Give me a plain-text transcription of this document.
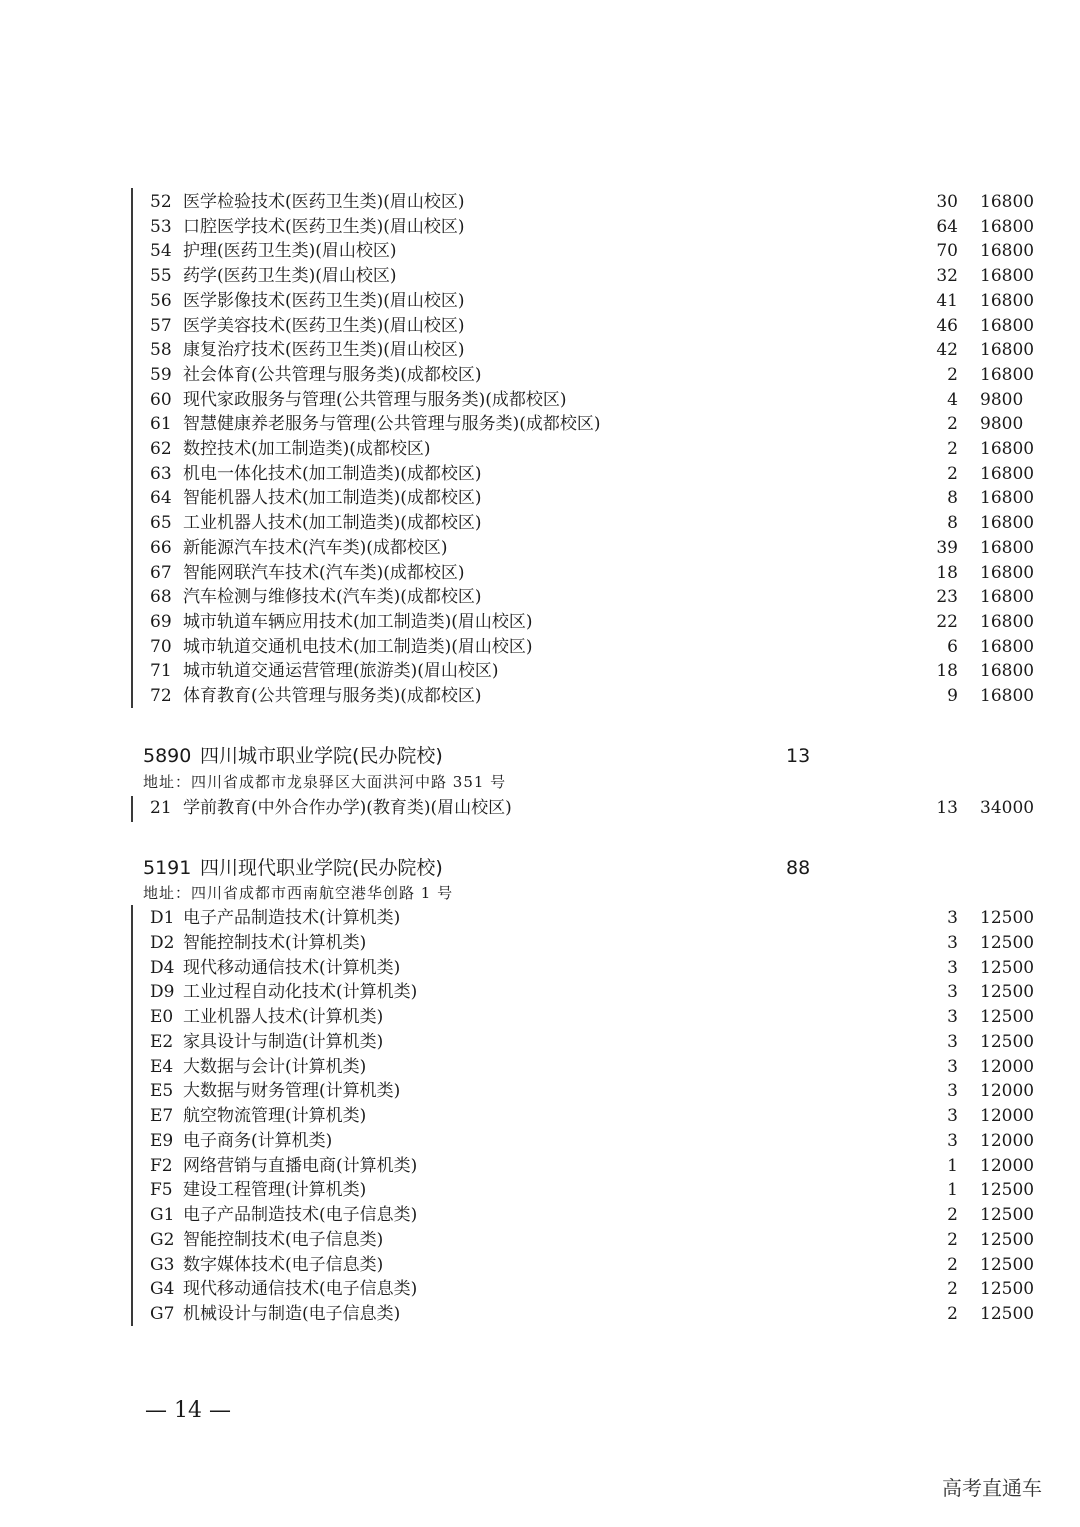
52 医学检验技术(医药卫生类)(眉山校区)	30 16800
53 口腔医学技术(医药卫生类)(眉山校区)	64 16800
54 护理(医药卫生类)(眉山校区)	70 16800
55 药学(医药卫生类)(眉山校区)	32 16800
56 医学影像技术(医药卫生类)(眉山校区)	41 16800
57 医学美容技术(医药卫生类)(眉山校区)	46 16800
58 康复治疗技术(医药卫生类)(眉山校区)	42 16800
59 社会体育(公共管理与服务类)(成都校区)	2 16800
60 现代家政服务与管理(公共管理与服务类)(成都校区)	4 9800
61 智慧健康养老服务与管理(公共管理与服务类)(成都校区)	2 9800
62 数控技术(加工制造类)(成都校区)	2 16800
63 机电一体化技术(加工制造类)(成都校区)	2 16800
64 智能机器人技术(加工制造类)(成都校区)	8 16800
65 工业机器人技术(加工制造类)(成都校区)	8 16800
66 新能源汽车技术(汽车类)(成都校区)	39 16800
67 智能网联汽车技术(汽车类)(成都校区)	18 16800
68 汽车检测与维修技术(汽车类)(成都校区)	23 16800
69 城市轨道车辆应用技术(加工制造类)(眉山校区)	22 16800
70 城市轨道交通机电技术(加工制造类)(眉山校区)	6 16800
71 城市轨道交通运营管理(旅游类)(眉山校区)	18 16800
72 体育教育(公共管理与服务类)(成都校区)	9 16800
5890 四川城市职业学院(民办院校)	13
地址：四川省成都市龙泉驿区大面洪河中路 351 号
21 学前教育(中外合作办学)(教育类)(眉山校区)	13 34000
5191 四川现代职业学院(民办院校)	88
地址：四川省成都市西南航空港华创路 1 号
D1 电子产品制造技术(计算机类)	3 12500
D2 智能控制技术(计算机类)	3 12500
D4 现代移动通信技术(计算机类)	3 12500
D9 工业过程自动化技术(计算机类)	3 12500
E0 工业机器人技术(计算机类)	3 12500
E2 家具设计与制造(计算机类)	3 12500
E4 大数据与会计(计算机类)	3 12000
E5 大数据与财务管理(计算机类)	3 12000
E7 航空物流管理(计算机类)	3 12000
E9 电子商务(计算机类)	3 12000
F2 网络营销与直播电商(计算机类)	1 12000
F5 建设工程管理(计算机类)	1 12500
G1 电子产品制造技术(电子信息类)	2 12500
G2 智能控制技术(电子信息类)	2 12500
G3 数字媒体技术(电子信息类)	2 12500
G4 现代移动通信技术(电子信息类)	2 12500
G7 机械设计与制造(电子信息类)	2 12500
— 14 —
高考直通车
